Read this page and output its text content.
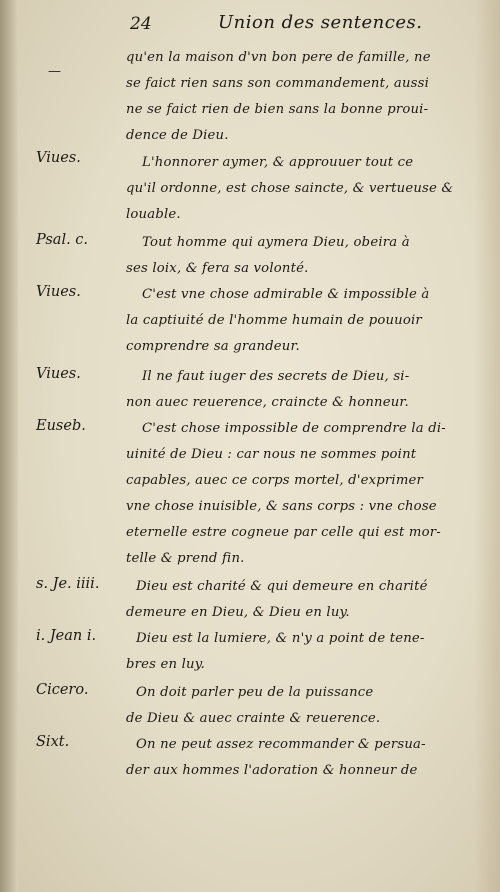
24	Union des sentences.
—
Viues.
Psal. c.
Viues.
Viues.
Euseb.
s. Je. iiii.
i. Jean i.
Cicero.
Sixt.
qu'en la maison d'vn bon pere de famille, ne
se faict rien sans son commandement, aussi
ne se faict rien de bien sans la bonne proui-
dence de Dieu.
L'honnorer aymer, & approuuer tout ce
qu'il ordonne, est chose saincte, & vertueuse &
louable.
Tout homme qui aymera Dieu, obeira à
ses loix, & fera sa volonté.
C'est vne chose admirable & impossible à
la captiuité de l'homme humain de pouuoir
comprendre sa grandeur.
Il ne faut iuger des secrets de Dieu, si-
non auec reuerence, craincte & honneur.
C'est chose impossible de comprendre la di-
uinité de Dieu : car nous ne sommes point
capables, auec ce corps mortel, d'exprimer
vne chose inuisible, & sans corps : vne chose
eternelle estre cogneue par celle qui est mor-
telle & prend fin.
Dieu est charité & qui demeure en charité
demeure en Dieu, & Dieu en luy.
Dieu est la lumiere, & n'y a point de tene-
bres en luy.
On doit parler peu de la puissance
de Dieu & auec crainte & reuerence.
On ne peut assez recommander & persua-
der aux hommes l'adoration & honneur de
